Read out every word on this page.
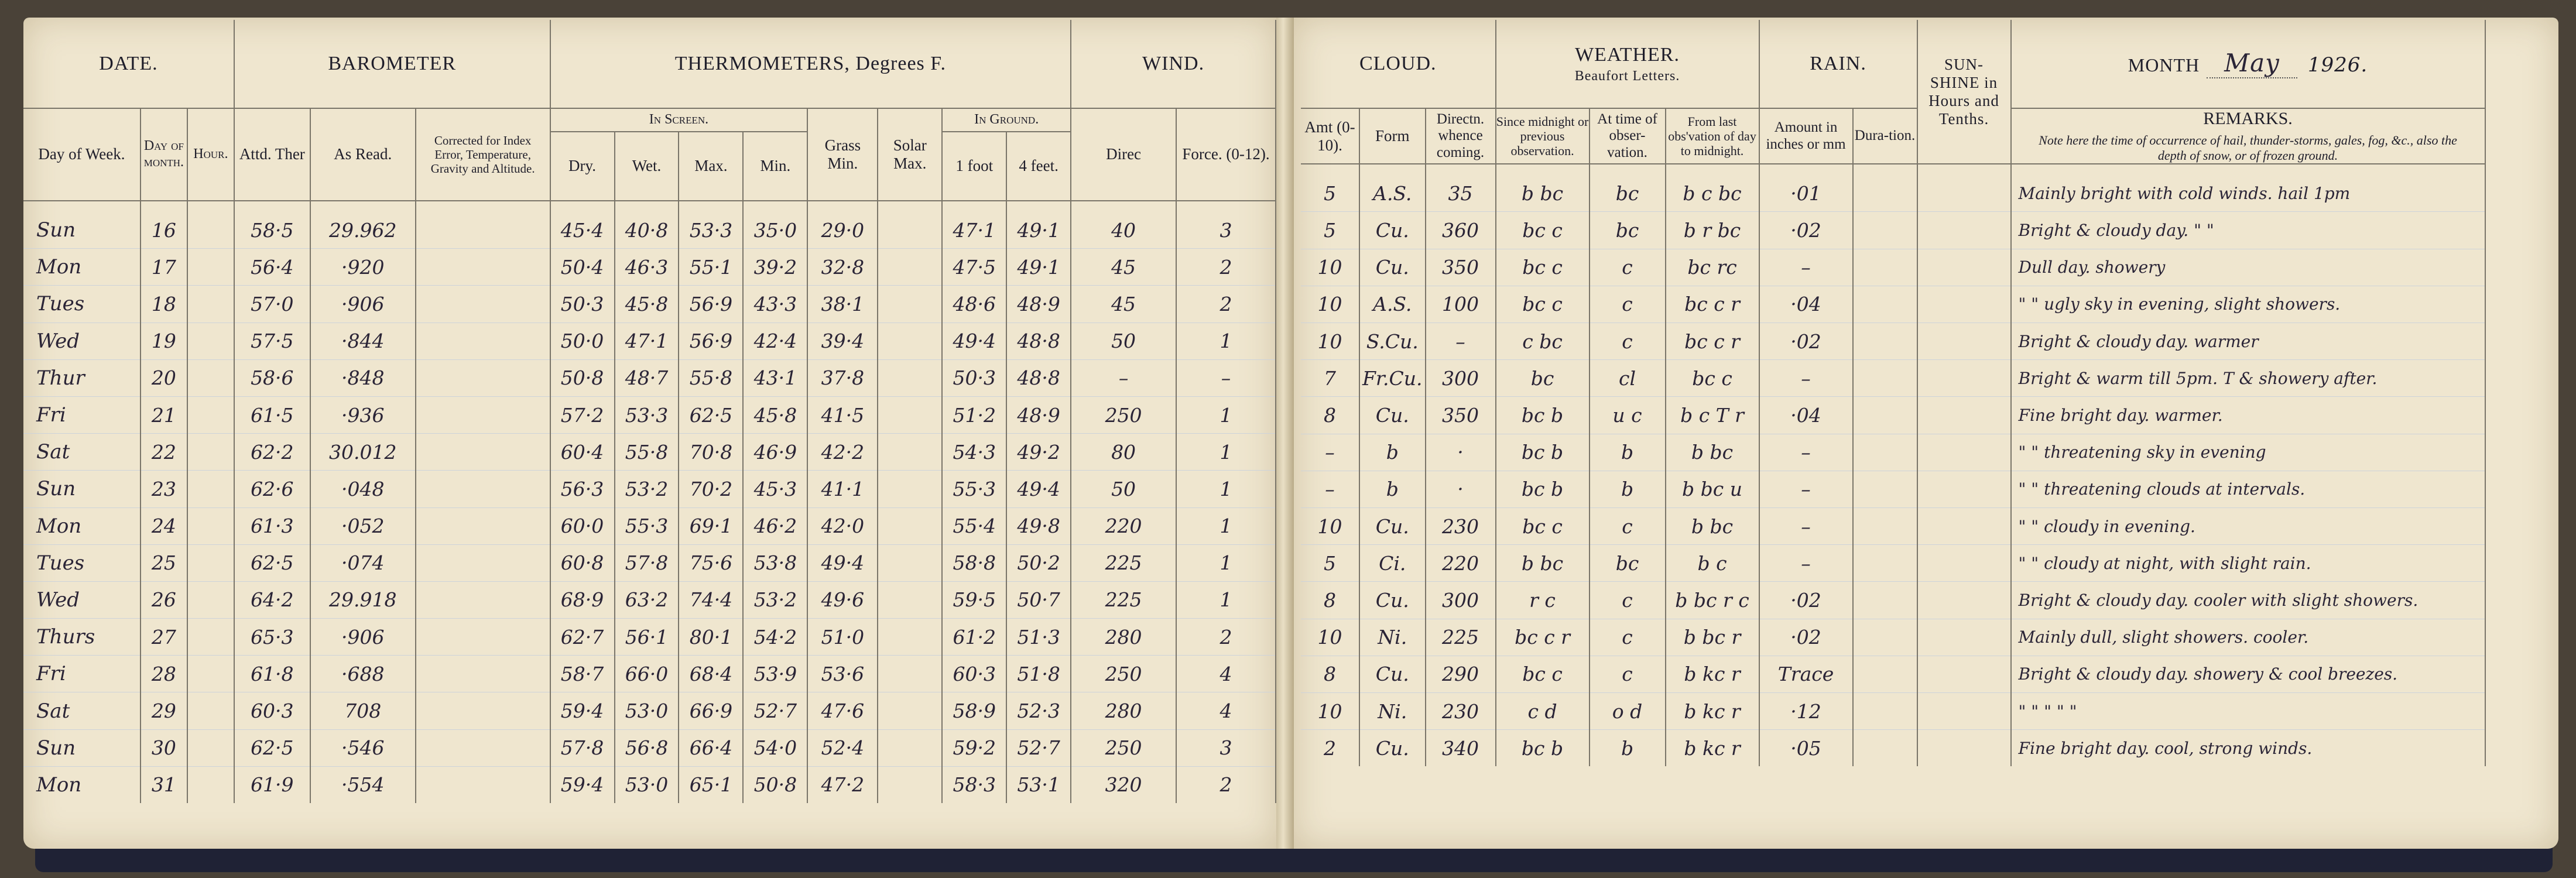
DATE.			BAROMETER			THERMOMETERS, Degrees F.								WIND.	
Day of Week.	Day of month.	Hour.	Attd. Ther	As Read.	Corrected for Index Error, Temperature, Gravity and Altitude.	In Screen.				Grass Min.	Solar Max.	In Ground.		Direc	Force. (0-12).
						Dry.	Wet.	Max.	Min.			1 foot	4 feet.		
Sun	16		58·5	29.962		45·4	40·8	53·3	35·0	29·0		47·1	49·1	40	3
Mon	17		56·4	·920		50·4	46·3	55·1	39·2	32·8		47·5	49·1	45	2
Tues	18		57·0	·906		50·3	45·8	56·9	43·3	38·1		48·6	48·9	45	2
Wed	19		57·5	·844		50·0	47·1	56·9	42·4	39·4		49·4	48·8	50	1
Thur	20		58·6	·848		50·8	48·7	55·8	43·1	37·8		50·3	48·8	–	–
Fri	21		61·5	·936		57·2	53·3	62·5	45·8	41·5		51·2	48·9	250	1
Sat	22		62·2	30.012		60·4	55·8	70·8	46·9	42·2		54·3	49·2	80	1
Sun	23		62·6	·048		56·3	53·2	70·2	45·3	41·1		55·3	49·4	50	1
Mon	24		61·3	·052		60·0	55·3	69·1	46·2	42·0		55·4	49·8	220	1
Tues	25		62·5	·074		60·8	57·8	75·6	53·8	49·4		58·8	50·2	225	1
Wed	26		64·2	29.918		68·9	63·2	74·4	53·2	49·6		59·5	50·7	225	1
Thurs	27		65·3	·906		62·7	56·1	80·1	54·2	51·0		61·2	51·3	280	2
Fri	28		61·8	·688		58·7	66·0	68·4	53·9	53·6		60·3	51·8	250	4
Sat	29		60·3	708		59·4	53·0	66·9	52·7	47·6		58·9	52·3	280	4
Sun	30		62·5	·546		57·8	56·8	66·4	54·0	52·4		59·2	52·7	250	3
Mon	31		61·9	·554		59·4	53·0	65·1	50·8	47·2		58·3	53·1	320	2
CLOUD.			WEATHER.
Beaufort Letters.			RAIN.		SUN-SHINE in Hours and Tenths.	MONTH May 1926.

Amt (0-10).	Form	Directn. whence coming.	Since midnight or previous observation.	At time of obser-vation.	From last obs'vation of day to midnight.	Amount in inches or mm	Dura-tion.		REMARKS.
Note here the time of occurrence of hail, thunder-storms, gales, fog, &c., also the depth of snow, or of frozen ground.

5	A.S.	35	b bc	bc	b c bc	·01			Mainly bright with cold winds. hail 1pm
5	Cu.	360	bc c	bc	b r bc	·02			Bright & cloudy day. " "
10	Cu.	350	bc c	c	bc rc	–			Dull day. showery
10	A.S.	100	bc c	c	bc c r	·04			" " ugly sky in evening, slight showers.
10	S.Cu.	–	c bc	c	bc c r	·02			Bright & cloudy day. warmer
7	Fr.Cu.	300	bc	cl	bc c	–			Bright & warm till 5pm. T & showery after.
8	Cu.	350	bc b	u c	b c T r	·04			Fine bright day. warmer.
–	b	·	bc b	b	b bc	–			" " threatening sky in evening
–	b	·	bc b	b	b bc u	–			" " threatening clouds at intervals.
10	Cu.	230	bc c	c	b bc	–			" " cloudy in evening.
5	Ci.	220	b bc	bc	b c	–			" " cloudy at night, with slight rain.
8	Cu.	300	r c	c	b bc r c	·02			Bright & cloudy day. cooler with slight showers.
10	Ni.	225	bc c r	c	b bc r	·02			Mainly dull, slight showers. cooler.
8	Cu.	290	bc c	c	b kc r	Trace			Bright & cloudy day. showery & cool breezes.
10	Ni.	230	c d	o d	b kc r	·12			" " " " "
2	Cu.	340	bc b	b	b kc r	·05			Fine bright day. cool, strong winds.
